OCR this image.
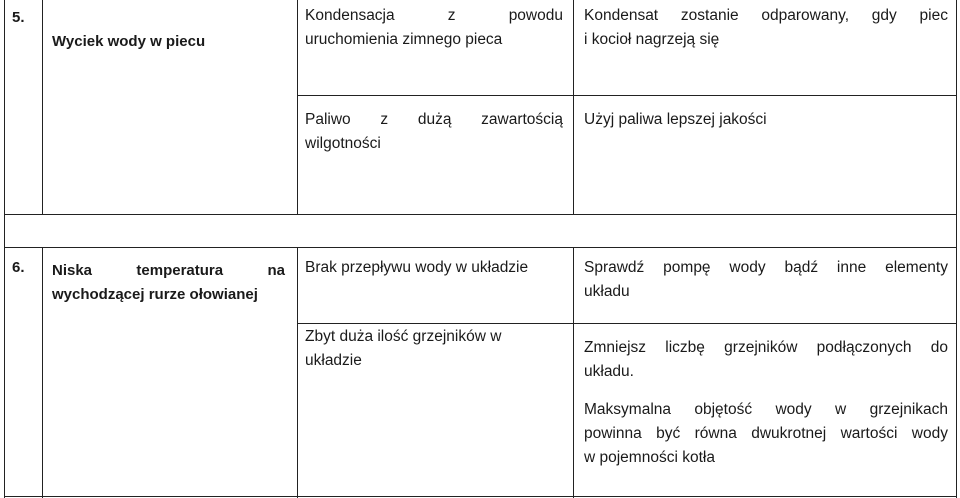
5.
Wyciek wody w piecu
Kondensacja z powodu
uruchomienia zimnego pieca
Kondensat zostanie odparowany, gdy piec
i kocioł nagrzeją się
Paliwo z dużą zawartością
wilgotności
Użyj paliwa lepszej jakości
6. Niska temperatura na
wychodzącej rurze ołowianej
Brak przepływu wody w układzie	Sprawdź pompę wody bądź inne elementy
układu
Zbyt duża ilość grzejników w
układzie
Zmniejsz liczbę grzejników podłączonych do
układu.
Maksymalna objętość wody w grzejnikach
powinna być równa dwukrotnej wartości wody
w pojemności kotła
